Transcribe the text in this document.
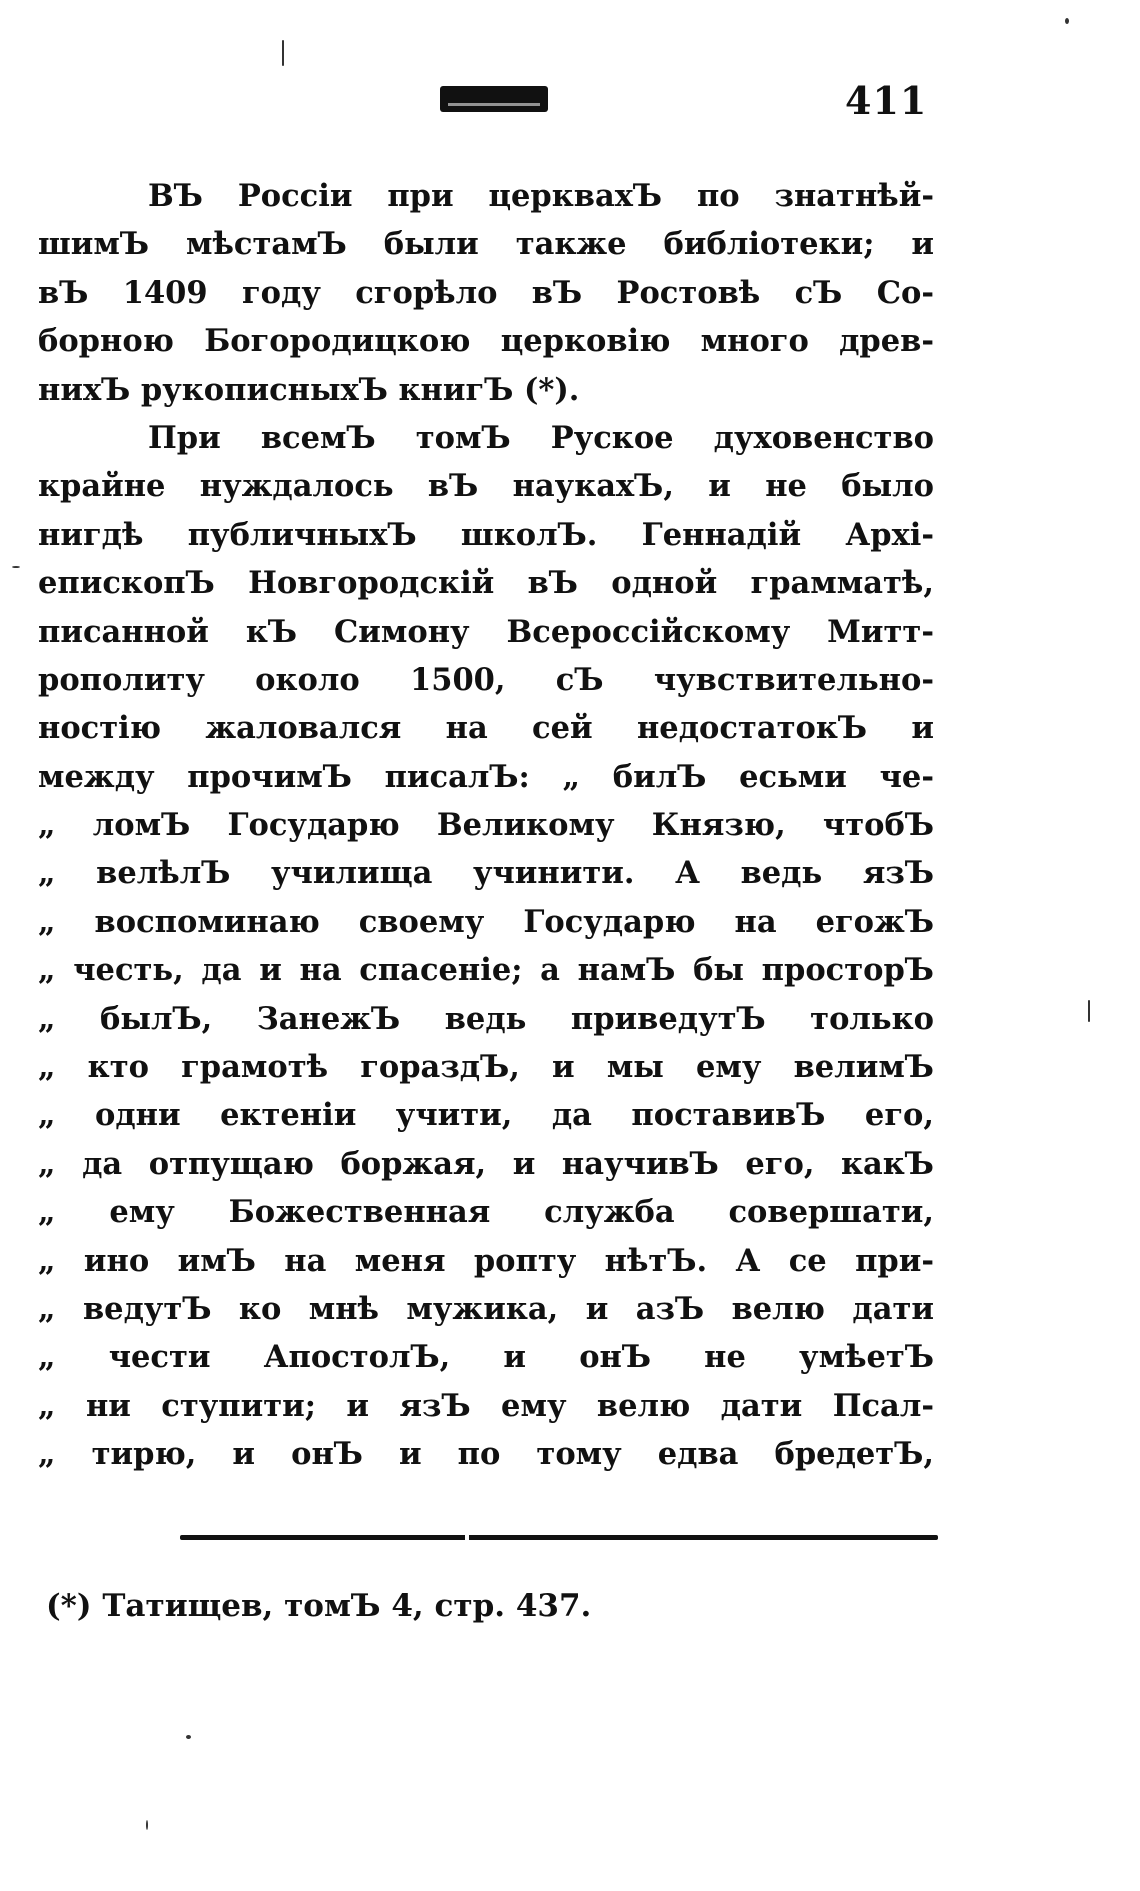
411
ВЪ Россіи при церквахЪ по знатнѣй-
шимЪ мѣстамЪ были также библіотеки; и
вЪ 1409 году сгорѣло вЪ Ростовѣ сЪ Со-
борною Богородицкою церковію много древ-
нихЪ рукописныхЪ книгЪ (*).
При всемЪ томЪ Руское духовенство
крайне нуждалось вЪ наукахЪ, и не было
нигдѣ публичныхЪ школЪ. Геннадій Архі-
епископЪ Новгородскій вЪ одной грамматѣ,
писанной кЪ Симону Всероссійскому Митт-
рополиту около 1500, сЪ чувствительно-
ностію жаловался на сей недостатокЪ и
между прочимЪ писалЪ: „ билЪ есьми че-
„ ломЪ Государю Великому Князю, чтобЪ
„ велѣлЪ училища учинити. А ведь язЪ
„ воспоминаю своему Государю на егожЪ
„ честь, да и на спасеніе; а намЪ бы просторЪ
„ былЪ, ЗанежЪ ведь приведутЪ только
„ кто грамотѣ гораздЪ, и мы ему велимЪ
„ одни ектеніи учити, да поставивЪ его,
„ да отпущаю боржая, и научивЪ его, какЪ
„ ему Божественная служба совершати,
„ ино имЪ на меня ропту нѣтЪ. А се при-
„ ведутЪ ко мнѣ мужика, и азЪ велю дати
„ чести АпостолЪ, и онЪ не умѣетЪ
„ ни ступити; и язЪ ему велю дати Псал-
„ тирю, и онЪ и по тому едва бредетЪ,
(*) Татищев, томЪ 4, стр. 437.
